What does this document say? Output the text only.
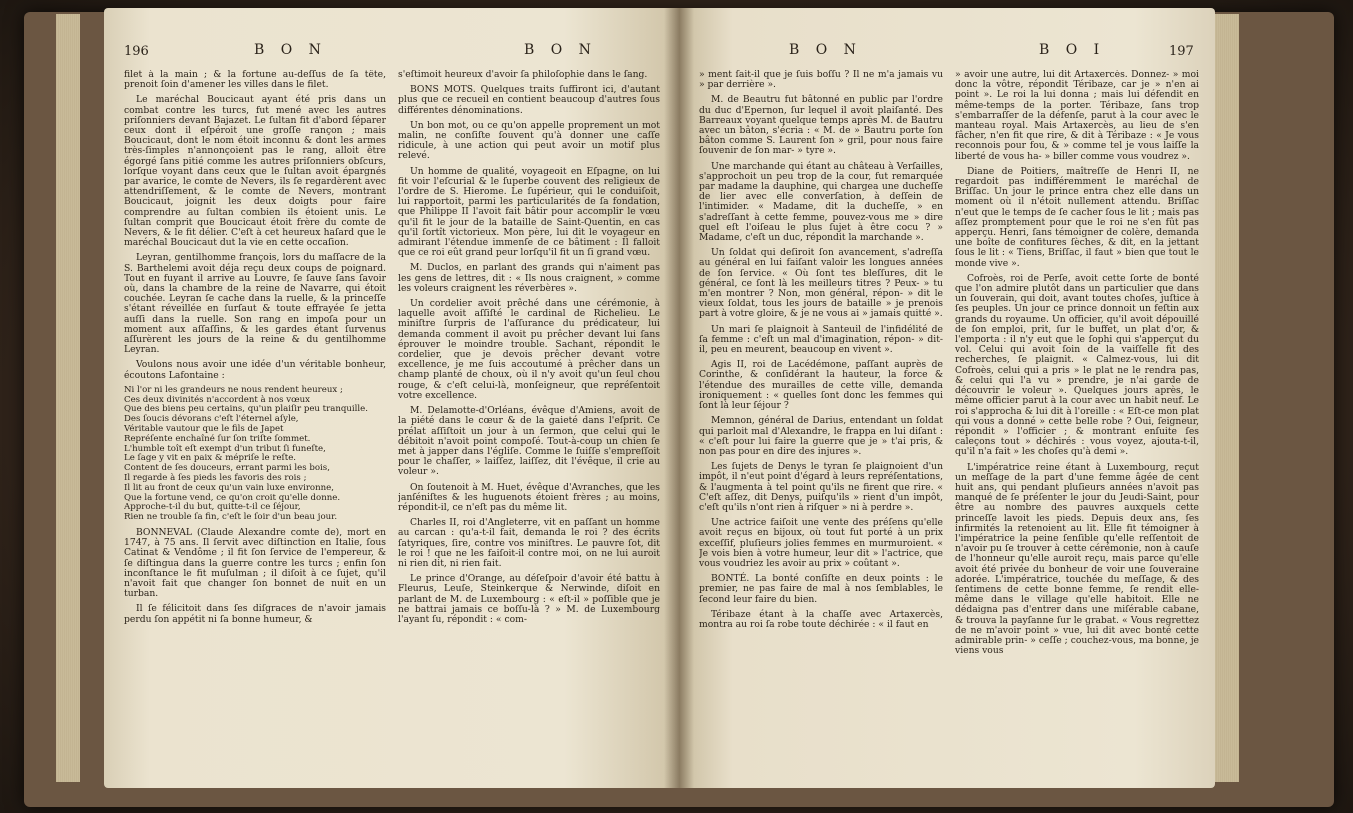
196	B O N	B O N

filet à la main ; & la fortune au-deſſus de ſa tête, prenoit ſoin d'amener les villes dans le filet.

Le maréchal Boucicaut ayant été pris dans un combat contre les turcs, fut mené avec les autres priſonniers devant Bajazet. Le ſultan fit d'abord ſéparer ceux dont il eſpéroit une groſſe rançon ; mais Boucicaut, dont le nom étoit inconnu & dont les armes très-ſimples n'annonçoient pas le rang, alloit être égorgé ſans pitié comme les autres priſonniers obſcurs, lorſque voyant dans ceux que le ſultan avoit épargnés par avarice, le comte de Nevers, ils ſe regardèrent avec attendriſſement, & le comte de Nevers, montrant Boucicaut, joignit les deux doigts pour faire comprendre au ſultan combien ils étoient unis. Le ſultan comprit que Boucicaut étoit frère du comte de Nevers, & le fit délier. C'eſt à cet heureux haſard que le maréchal Boucicaut dut la vie en cette occaſion.

Leyran, gentilhomme françois, lors du maſſacre de la S. Barthelemi avoit déja reçu deux coups de poignard. Tout en fuyant il arrive au Louvre, ſe ſauve ſans ſavoir où, dans la chambre de la reine de Navarre, qui étoit couchée. Leyran ſe cache dans la ruelle, & la princeſſe s'étant réveillée en ſurſaut & toute effrayée ſe jetta auſſi dans la ruelle. Son rang en impoſa pour un moment aux aſſaſſins, & les gardes étant ſurvenus aſſurèrent les jours de la reine & du gentilhomme Leyran.

Voulons nous avoir une idée d'un véritable bonheur, écoutons Lafontaine :

Ni l'or ni les grandeurs ne nous rendent heureux ;

Ces deux divinités n'accordent à nos vœux

Que des biens peu certains, qu'un plaiſir peu tranquille.

Des ſoucis dévorans c'eſt l'éternel aſyle,

Véritable vautour que le fils de Japet

Repréſente enchaîné ſur ſon triſte ſommet.

L'humble toît eſt exempt d'un tribut ſi funeſte,

Le ſage y vit en paix & mépriſe le reſte.

Content de ſes douceurs, errant parmi les bois,

Il regarde à ſes pieds les favoris des rois ;

Il lit au front de ceux qu'un vain luxe environne,

Que la fortune vend, ce qu'on croit qu'elle donne.

Approche-t-il du but, quitte-t-il ce ſéjour,

Rien ne trouble ſa fin, c'eſt le ſoir d'un beau jour.

BONNEVAL (Claude Alexandre comte de), mort en 1747, à 75 ans. Il ſervit avec diſtinction en Italie, ſous Catinat & Vendôme ; il fit ſon ſervice de l'empereur, & ſe diſtingua dans la guerre contre les turcs ; enfin ſon inconſtance le fit muſulman ; il diſoit à ce ſujet, qu'il n'avoit fait que changer ſon bonnet de nuit en un turban.

Il ſe félicitoit dans ſes diſgraces de n'avoir jamais perdu ſon appétit ni ſa bonne humeur, &

s'eſtimoit heureux d'avoir ſa philoſophie dans le ſang.

BONS MOTS. Quelques traits ſuffiront ici, d'autant plus que ce recueil en contient beaucoup d'autres ſous différentes dénominations.

Un bon mot, ou ce qu'on appelle proprement un mot malin, ne conſiſte ſouvent qu'à donner une caſſe ridicule, à une action qui peut avoir un motif plus relevé.

Un homme de qualité, voyageoit en Eſpagne, on lui fit voir l'eſcurial & le ſuperbe couvent des religieux de l'ordre de S. Hierome. Le ſupérieur, qui le conduiſoit, lui rapportoit, parmi les particularités de ſa fondation, que Philippe II l'avoit fait bâtir pour accomplir le vœu qu'il fit le jour de la bataille de Saint-Quentin, en cas qu'il ſortît victorieux. Mon père, lui dit le voyageur en admirant l'étendue immenſe de ce bâtiment : Il falloit que ce roi eût grand peur lorſqu'il fit un ſi grand vœu.

M. Duclos, en parlant des grands qui n'aiment pas les gens de lettres, dit : « Ils nous craignent, » comme les voleurs craignent les réverbères ».

Un cordelier avoit prêché dans une cérémonie, à laquelle avoit aſſiſté le cardinal de Richelieu. Le miniſtre ſurpris de l'aſſurance du prédicateur, lui demanda comment il avoit pu prêcher devant lui ſans éprouver le moindre trouble. Sachant, répondit le cordelier, que je devois prêcher devant votre excellence, je me ſuis accoutumé à prêcher dans un champ planté de choux, où il n'y avoit qu'un ſeul chou rouge, & c'eſt celui-là, monſeigneur, que repréſentoit votre excellence.

M. Delamotte-d'Orléans, évêque d'Amiens, avoit de la piété dans le cœur & de la gaieté dans l'eſprit. Ce prélat aſſiſtoit un jour à un ſermon, que celui qui le débitoit n'avoit point compoſé. Tout-à-coup un chien ſe met à japper dans l'égliſe. Comme le ſuiſſe s'empreſſoit pour le chaſſer, » laiſſez, laiſſez, dit l'évêque, il crie au voleur ».

On ſoutenoit à M. Huet, évêque d'Avranches, que les janſéniſtes & les huguenots étoient frères ; au moins, répondit-il, ce n'eſt pas du même lit.

Charles II, roi d'Angleterre, vit en paſſant un homme au carcan : qu'a-t-il fait, demanda le roi ? des écrits ſatyriques, ſire, contre vos miniſtres. Le pauvre ſot, dit le roi ! que ne les faiſoit-il contre moi, on ne lui auroit ni rien dit, ni rien fait.

Le prince d'Orange, au déſeſpoir d'avoir été battu à Fleurus, Leuſe, Steinkerque & Nerwinde, diſoit en parlant de M. de Luxembourg : « eſt-il » poſſible que je ne battrai jamais ce boſſu-là ? » M. de Luxembourg l'ayant ſu, répondit : « com-

B O N	B O I	197

» ment ſait-il que je ſuis boſſu ? Il ne m'a jamais vu » par derrière ».

M. de Beautru fut bâtonné en public par l'ordre du duc d'Epernon, ſur lequel il avoit plaiſanté. Des Barreaux voyant quelque temps après M. de Bautru avec un bâton, s'écria : « M. de » Bautru porte ſon bâton comme S. Laurent ſon » gril, pour nous faire ſouvenir de ſon mar- » tyre ».

Une marchande qui étant au château à Verſailles, s'approchoit un peu trop de la cour, fut remarquée par madame la dauphine, qui chargea une ducheſſe de lier avec elle converſation, à deſſein de l'intimider. « Madame, dit la ducheſſe, » en s'adreſſant à cette femme, pouvez-vous me » dire quel eſt l'oiſeau le plus ſujet à être cocu ? » Madame, c'eſt un duc, répondit la marchande ».

Un ſoldat qui deſiroit ſon avancement, s'adreſſa au général en lui faiſant valoir les longues années de ſon ſervice. « Où ſont tes bleſſures, dit le général, ce ſont là les meilleurs titres ? Peux- » tu m'en montrer ? Non, mon général, répon- » dit le vieux ſoldat, tous les jours de bataille » je prenois part à votre gloire, & je ne vous ai » jamais quitté ».

Un mari ſe plaignoit à Santeuil de l'infidélité de ſa femme : c'eſt un mal d'imagination, répon- » dit-il, peu en meurent, beaucoup en vivent ».

Agis II, roi de Lacédémone, paſſant auprès de Corinthe, & conſidérant la hauteur, la force & l'étendue des murailles de cette ville, demanda ironiquement : « quelles ſont donc les femmes qui ſont là leur ſéjour ?

Memnon, général de Darius, entendant un ſoldat qui parloit mal d'Alexandre, le frappa en lui diſant : « c'eſt pour lui faire la guerre que je » t'ai pris, & non pas pour en dire des injures ».

Les ſujets de Denys le tyran ſe plaignoient d'un impôt, il n'eut point d'égard à leurs repréſentations, & l'augmenta à tel point qu'ils ne firent que rire. « C'eſt aſſez, dit Denys, puiſqu'ils » rient d'un impôt, c'eſt qu'ils n'ont rien à riſquer » ni à perdre ».

Une actrice faiſoit une vente des préſens qu'elle avoit reçus en bijoux, où tout fut porté à un prix exceſſif, pluſieurs jolies femmes en murmuroient. « Je vois bien à votre humeur, leur dit » l'actrice, que vous voudriez les avoir au prix » coûtant ».

BONTÉ. La bonté conſiſte en deux points : le premier, ne pas faire de mal à nos ſemblables, le ſecond leur faire du bien.

Téribaze étant à la chaſſe avec Artaxercès, montra au roi ſa robe toute déchirée : « il faut en

» avoir une autre, lui dit Artaxercès. Donnez- » moi donc la vôtre, répondit Téribaze, car je » n'en ai point ». Le roi la lui donna ; mais lui défendit en même-temps de la porter. Téribaze, ſans trop s'embarraſſer de la défenſe, parut à la cour avec le manteau royal. Mais Artaxercès, au lieu de s'en fâcher, n'en fit que rire, & dit à Téribaze : « Je vous reconnois pour fou, & » comme tel je vous laiſſe la liberté de vous ha- » biller comme vous voudrez ».

Diane de Poitiers, maîtreſſe de Henri II, ne regardoit pas indifféremment le maréchal de Briſſac. Un jour le prince entra chez elle dans un moment où il n'étoit nullement attendu. Briſſac n'eut que le temps de ſe cacher ſous le lit ; mais pas aſſez promptement pour que le roi ne s'en fût pas apperçu. Henri, ſans témoigner de colère, demanda une boîte de confitures ſèches, & dit, en la jettant ſous le lit : « Tiens, Briſſac, il faut » bien que tout le monde vive ».

Cofroès, roi de Perſe, avoit cette ſorte de bonté que l'on admire plutôt dans un particulier que dans un ſouverain, qui doit, avant toutes choſes, juſtice à ſes peuples. Un jour ce prince donnoit un feſtin aux grands du royaume. Un officier, qu'il avoit dépouillé de ſon emploi, prit, ſur le buffet, un plat d'or, & l'emporta : il n'y eut que le ſophi qui s'apperçut du vol. Celui qui avoit ſoin de la vaiſſelle fit des recherches, ſe plaignit. « Calmez-vous, lui dit Cofroès, celui qui a pris » le plat ne le rendra pas, & celui qui l'a vu » prendre, je n'ai garde de découvrir le voleur ». Quelques jours après, le même officier parut à la cour avec un habit neuf. Le roi s'approcha & lui dit à l'oreille : « Eſt-ce mon plat qui vous a donné » cette belle robe ? Oui, ſeigneur, répondit » l'officier ; & montrant enſuite ſes caleçons tout » déchirés : vous voyez, ajouta-t-il, qu'il n'a fait » les choſes qu'à demi ».

L'impératrice reine étant à Luxembourg, reçut un meſſage de la part d'une femme âgée de cent huit ans, qui pendant pluſieurs années n'avoit pas manqué de ſe préſenter le jour du Jeudi-Saint, pour être au nombre des pauvres auxquels cette princeſſe lavoit les pieds. Depuis deux ans, ſes infirmités la retenoient au lit. Elle fit témoigner à l'impératrice la peine ſenſible qu'elle reſſentoit de n'avoir pu ſe trouver à cette cérémonie, non à cauſe de l'honneur qu'elle auroit reçu, mais parce qu'elle avoit été privée du bonheur de voir une ſouveraine adorée. L'impératrice, touchée du meſſage, & des ſentimens de cette bonne femme, ſe rendit elle-même dans le village qu'elle habitoit. Elle ne dédaigna pas d'entrer dans une miſérable cabane, & trouva la payſanne ſur le grabat. « Vous regrettez de ne m'avoir point » vue, lui dit avec bonté cette admirable prin- » ceſſe ; couchez-vous, ma bonne, je viens vous
